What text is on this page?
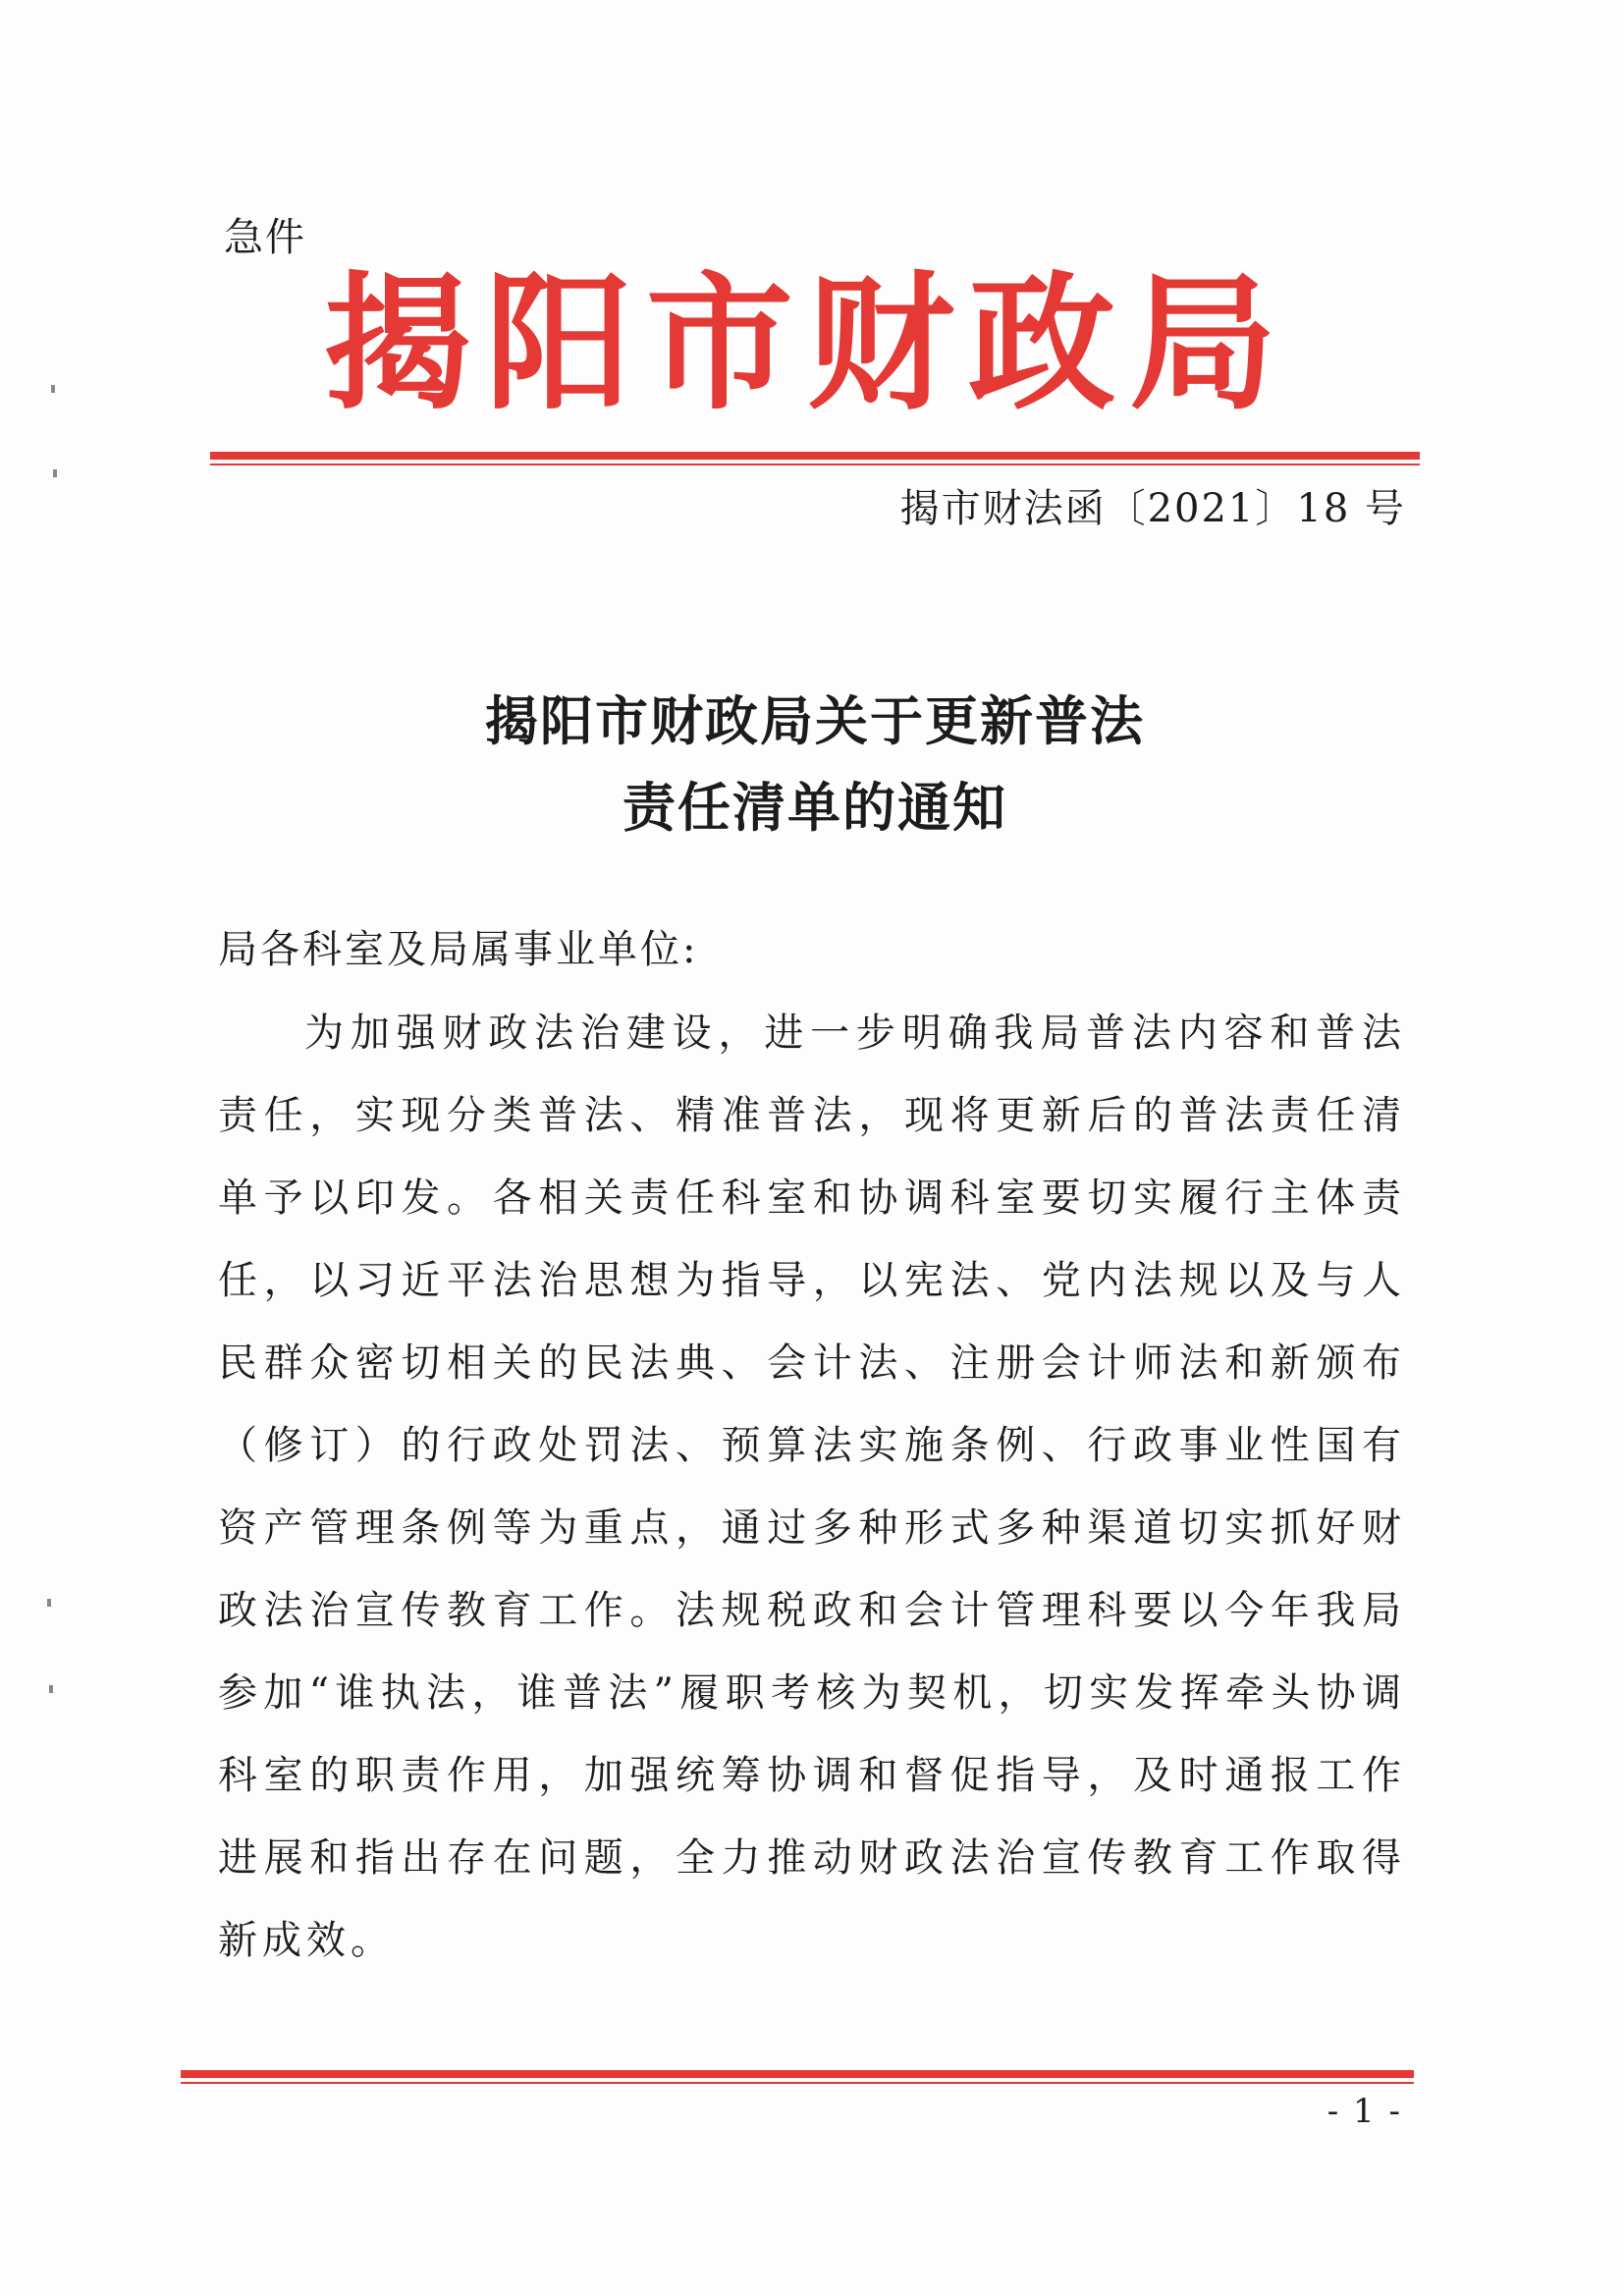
急件
揭阳市财政局
揭市财法函〔2021〕18 号
揭阳市财政局关于更新普法
责任清单的通知
局各科室及局属事业单位:
为加强财政法治建设，进一步明确我局普法内容和普法责任，实现分类普法、精准普法，现将更新后的普法责任清单予以印发。各相关责任科室和协调科室要切实履行主体责任，以习近平法治思想为指导，以宪法、党内法规以及与人民群众密切相关的民法典、会计法、注册会计师法和新颁布（修订）的行政处罚法、预算法实施条例、行政事业性国有资产管理条例等为重点，通过多种形式多种渠道切实抓好财政法治宣传教育工作。法规税政和会计管理科要以今年我局参加“谁执法，谁普法”履职考核为契机，切实发挥牵头协调科室的职责作用，加强统筹协调和督促指导，及时通报工作进展和指出存在问题，全力推动财政法治宣传教育工作取得新成效。
- 1 -
